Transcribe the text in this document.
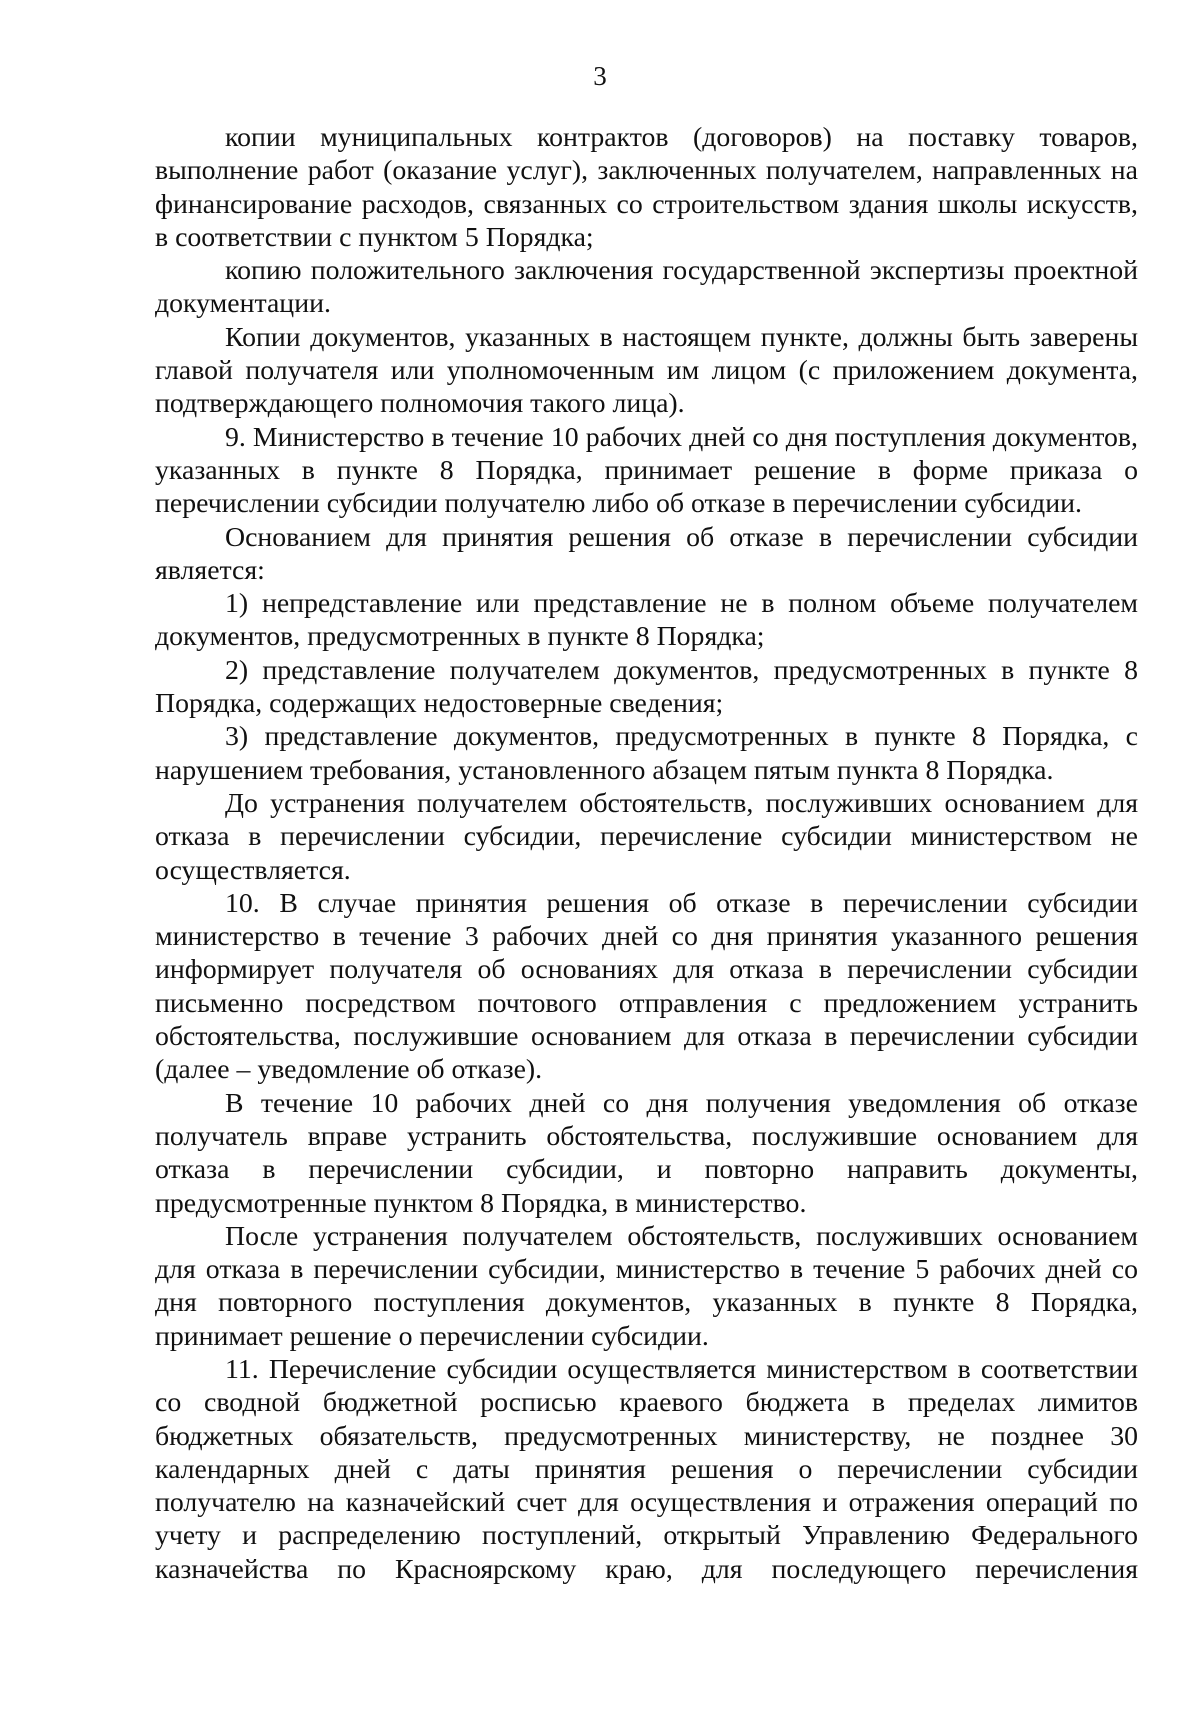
3

копии муниципальных контрактов (договоров) на поставку товаров, выполнение работ (оказание услуг), заключенных получателем, направленных на финансирование расходов, связанных со строительством здания школы искусств, в соответствии с пунктом 5 Порядка;

копию положительного заключения государственной экспертизы проектной документации.

Копии документов, указанных в настоящем пункте, должны быть заверены главой получателя или уполномоченным им лицом (с приложением документа, подтверждающего полномочия такого лица).

9. Министерство в течение 10 рабочих дней со дня поступления документов, указанных в пункте 8 Порядка, принимает решение в форме приказа о перечислении субсидии получателю либо об отказе в перечислении субсидии.

Основанием для принятия решения об отказе в перечислении субсидии является:

1) непредставление или представление не в полном объеме получателем документов, предусмотренных в пункте 8 Порядка;

2) представление получателем документов, предусмотренных в пункте 8 Порядка, содержащих недостоверные сведения;

3) представление документов, предусмотренных в пункте 8 Порядка, с нарушением требования, установленного абзацем пятым пункта 8 Порядка.

До устранения получателем обстоятельств, послуживших основанием для отказа в перечислении субсидии, перечисление субсидии министерством не осуществляется.

10. В случае принятия решения об отказе в перечислении субсидии министерство в течение 3 рабочих дней со дня принятия указанного решения информирует получателя об основаниях для отказа в перечислении субсидии письменно посредством почтового отправления с предложением устранить обстоятельства, послужившие основанием для отказа в перечислении субсидии (далее – уведомление об отказе).

В течение 10 рабочих дней со дня получения уведомления об отказе получатель вправе устранить обстоятельства, послужившие основанием для отказа в перечислении субсидии, и повторно направить документы, предусмотренные пунктом 8 Порядка, в министерство.

После устранения получателем обстоятельств, послуживших основанием для отказа в перечислении субсидии, министерство в течение 5 рабочих дней со дня повторного поступления документов, указанных в пункте 8 Порядка, принимает решение о перечислении субсидии.

11. Перечисление субсидии осуществляется министерством в соответствии со сводной бюджетной росписью краевого бюджета в пределах лимитов бюджетных обязательств, предусмотренных министерству, не позднее 30 календарных дней с даты принятия решения о перечислении субсидии получателю на казначейский счет для осуществления и отражения операций по учету и распределению поступлений, открытый Управлению Федерального казначейства по Красноярскому краю, для последующего перечисления
